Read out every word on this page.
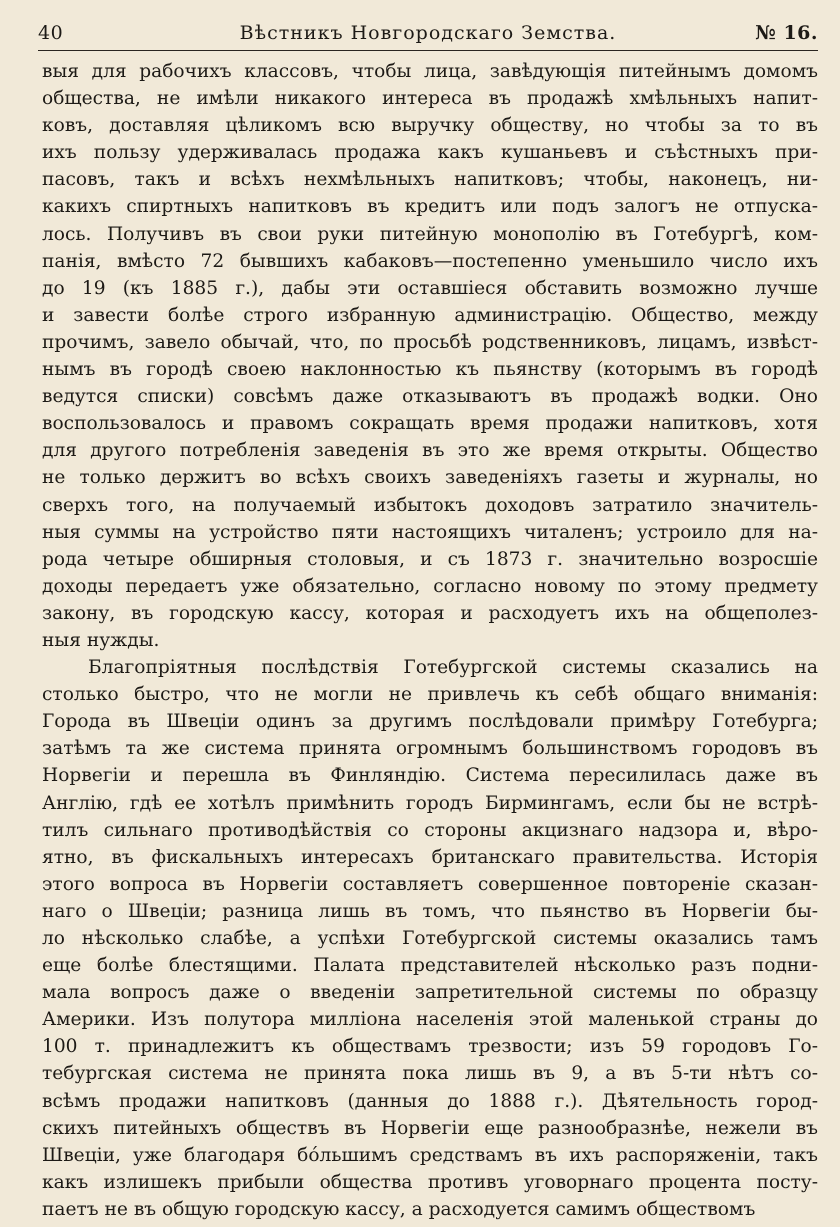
40	Вѣстникъ Новгородскаго Земства.	№ 16.
выя для рабочихъ классовъ, чтобы лица, завѣдующія питейнымъ домомъ
общества, не имѣли никакого интереса въ продажѣ хмѣльныхъ напит-
ковъ, доставляя цѣликомъ всю выручку обществу, но чтобы за то въ
ихъ пользу удерживалась продажа какъ кушаньевъ и съѣстныхъ при-
пасовъ, такъ и всѣхъ нехмѣльныхъ напитковъ; чтобы, наконецъ, ни-
какихъ спиртныхъ напитковъ въ кредитъ или подъ залогъ не отпуска-
лось. Получивъ въ свои руки питейную монополію въ Готебургѣ, ком-
панія, вмѣсто 72 бывшихъ кабаковъ—постепенно уменьшило число ихъ
до 19 (къ 1885 г.), дабы эти оставшіеся обставить возможно лучше
и завести болѣе строго избранную администрацію. Общество, между
прочимъ, завело обычай, что, по просьбѣ родственниковъ, лицамъ, извѣст-
нымъ въ городѣ своею наклонностью къ пьянству (которымъ въ городѣ
ведутся списки) совсѣмъ даже отказываютъ въ продажѣ водки. Оно
воспользовалось и правомъ сокращать время продажи напитковъ, хотя
для другого потребленія заведенія въ это же время открыты. Общество
не только держитъ во всѣхъ своихъ заведеніяхъ газеты и журналы, но
сверхъ того, на получаемый избытокъ доходовъ затратило значитель-
ныя суммы на устройство пяти настоящихъ читаленъ; устроило для на-
рода четыре обширныя столовыя, и съ 1873 г. значительно возросшіе
доходы передаетъ уже обязательно, согласно новому по этому предмету
закону, въ городскую кассу, которая и расходуетъ ихъ на общеполез-
ныя нужды.
Благопріятныя послѣдствія Готебургской системы сказались на
столько быстро, что не могли не привлечь къ себѣ общаго вниманія:
Города въ Швеціи одинъ за другимъ послѣдовали примѣру Готебурга;
затѣмъ та же система принята огромнымъ большинствомъ городовъ въ
Норвегіи и перешла въ Финляндію. Система пересилилась даже въ
Англію, гдѣ ее хотѣлъ примѣнить городъ Бирмингамъ, если бы не встрѣ-
тилъ сильнаго противодѣйствія со стороны акцизнаго надзора и, вѣро-
ятно, въ фискальныхъ интересахъ британскаго правительства. Исторія
этого вопроса въ Норвегіи составляетъ совершенное повтореніе сказан-
наго о Швеціи; разница лишь въ томъ, что пьянство въ Норвегіи бы-
ло нѣсколько слабѣе, а успѣхи Готебургской системы оказались тамъ
еще болѣе блестящими. Палата представителей нѣсколько разъ подни-
мала вопросъ даже о введеніи запретительной системы по образцу
Америки. Изъ полутора милліона населенія этой маленькой страны до
100 т. принадлежитъ къ обществамъ трезвости; изъ 59 городовъ Го-
тебургская система не принята пока лишь въ 9, а въ 5-ти нѣтъ со-
всѣмъ продажи напитковъ (данныя до 1888 г.). Дѣятельность город-
скихъ питейныхъ обществъ въ Норвегіи еще разнообразнѣе, нежели въ
Швеціи, уже благодаря бóльшимъ средствамъ въ ихъ распоряженіи, такъ
какъ излишекъ прибыли общества противъ уговорнаго процента посту-
паетъ не въ общую городскую кассу, а расходуется самимъ обществомъ
